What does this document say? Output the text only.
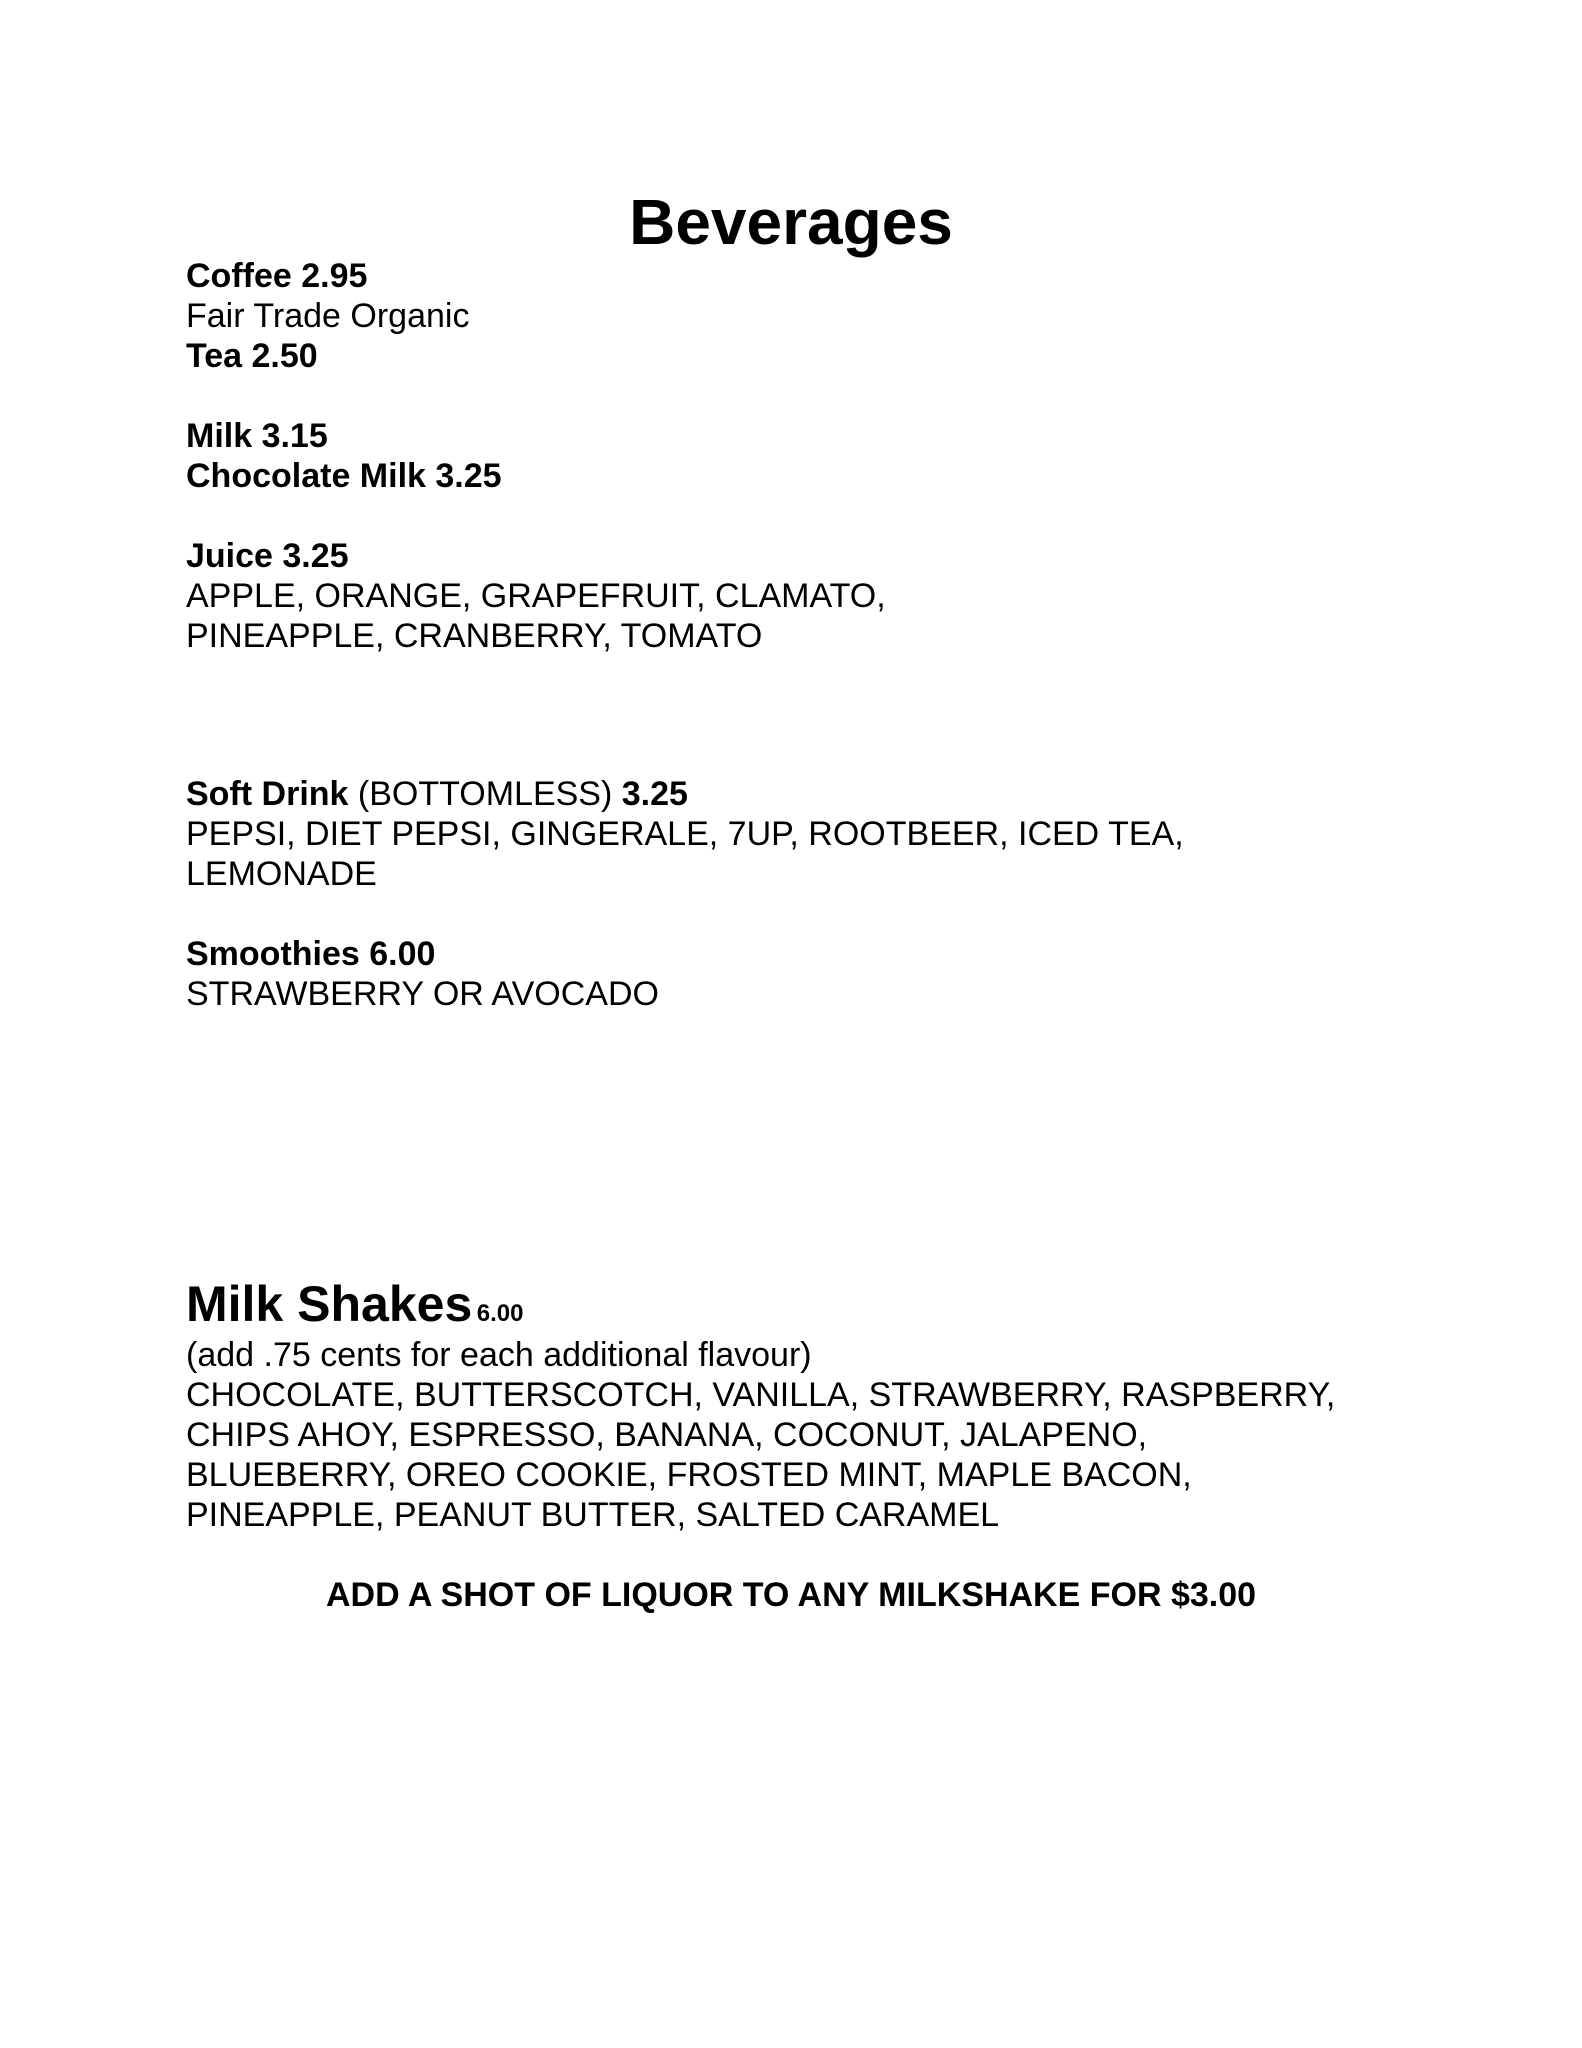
Beverages
Coffee 2.95
Fair Trade Organic
Tea 2.50
Milk 3.15
Chocolate Milk 3.25
Juice 3.25
APPLE, ORANGE, GRAPEFRUIT, CLAMATO,
PINEAPPLE, CRANBERRY, TOMATO
Soft Drink (BOTTOMLESS) 3.25
PEPSI, DIET PEPSI, GINGERALE, 7UP, ROOTBEER, ICED TEA,
LEMONADE
Smoothies 6.00
STRAWBERRY OR AVOCADO
Milk Shakes 6.00
(add .75 cents for each additional flavour)
CHOCOLATE, BUTTERSCOTCH, VANILLA, STRAWBERRY, RASPBERRY,
CHIPS AHOY, ESPRESSO, BANANA, COCONUT, JALAPENO,
BLUEBERRY, OREO COOKIE, FROSTED MINT, MAPLE BACON,
PINEAPPLE, PEANUT BUTTER, SALTED CARAMEL
ADD A SHOT OF LIQUOR TO ANY MILKSHAKE FOR $3.00
